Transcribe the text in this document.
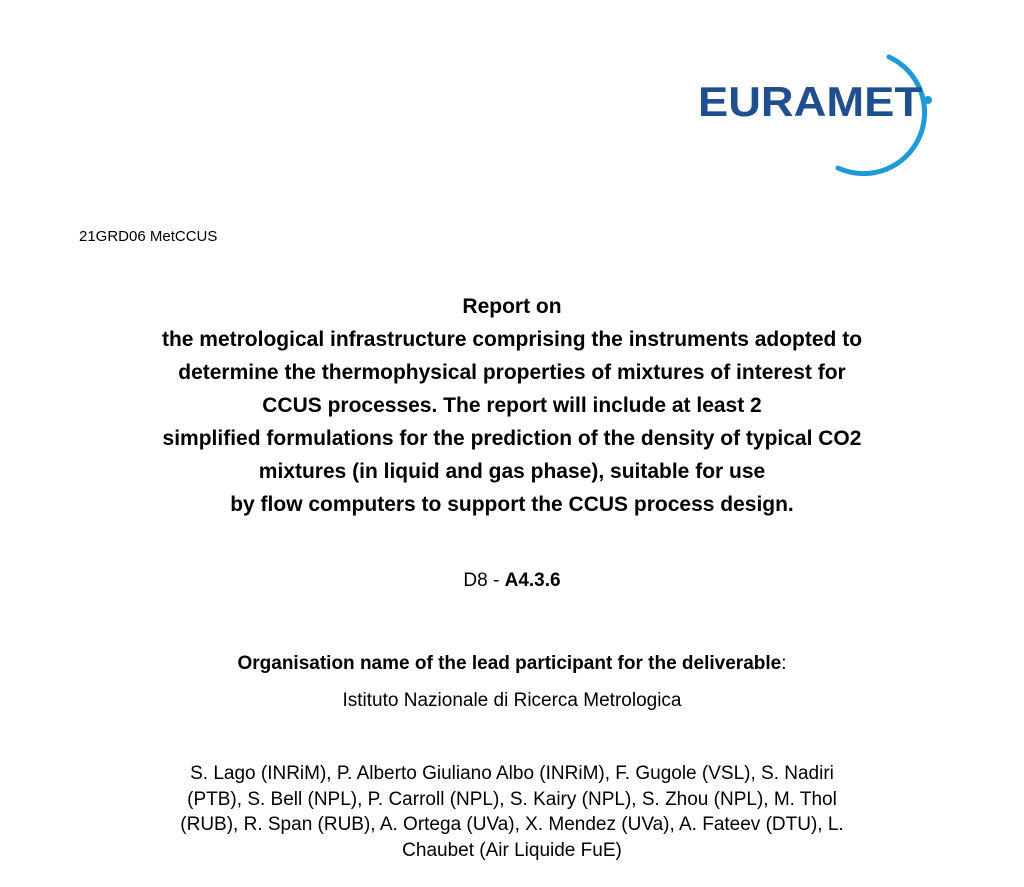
EURAMET
21GRD06 MetCCUS
Report on
the metrological infrastructure comprising the instruments adopted to
determine the thermophysical properties of mixtures of interest for
CCUS processes. The report will include at least 2
simplified formulations for the prediction of the density of typical CO2
mixtures (in liquid and gas phase), suitable for use
by flow computers to support the CCUS process design.
D8 - A4.3.6
Organisation name of the lead participant for the deliverable:
Istituto Nazionale di Ricerca Metrologica
S. Lago (INRiM), P. Alberto Giuliano Albo (INRiM), F. Gugole (VSL), S. Nadiri
(PTB), S. Bell (NPL), P. Carroll (NPL), S. Kairy (NPL), S. Zhou (NPL), M. Thol
(RUB), R. Span (RUB), A. Ortega (UVa), X. Mendez (UVa), A. Fateev (DTU), L.
Chaubet (Air Liquide FuE)
